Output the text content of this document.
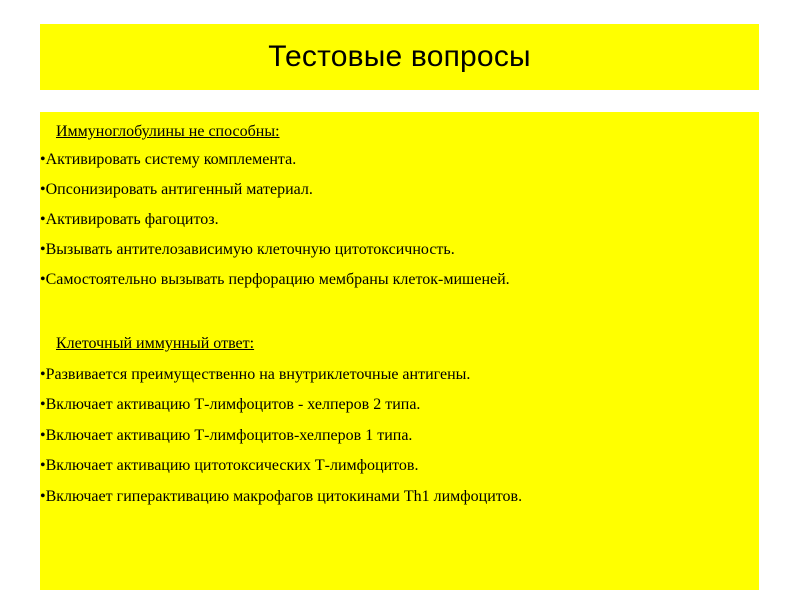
Тестовые вопросы
Иммуноглобулины не способны:
•Активировать систему комплемента.
•Опсонизировать антигенный материал.
•Активировать фагоцитоз.
•Вызывать антителозависимую клеточную цитотоксичность.
•Самостоятельно вызывать перфорацию мембраны клеток-мишеней.
Клеточный иммунный ответ:
•Развивается преимущественно на внутриклеточные антигены.
•Включает активацию Т-лимфоцитов - хелперов 2 типа.
•Включает активацию Т-лимфоцитов-хелперов 1 типа.
•Включает активацию цитотоксических Т-лимфоцитов.
•Включает гиперактивацию макрофагов цитокинами Th1 лимфоцитов.
